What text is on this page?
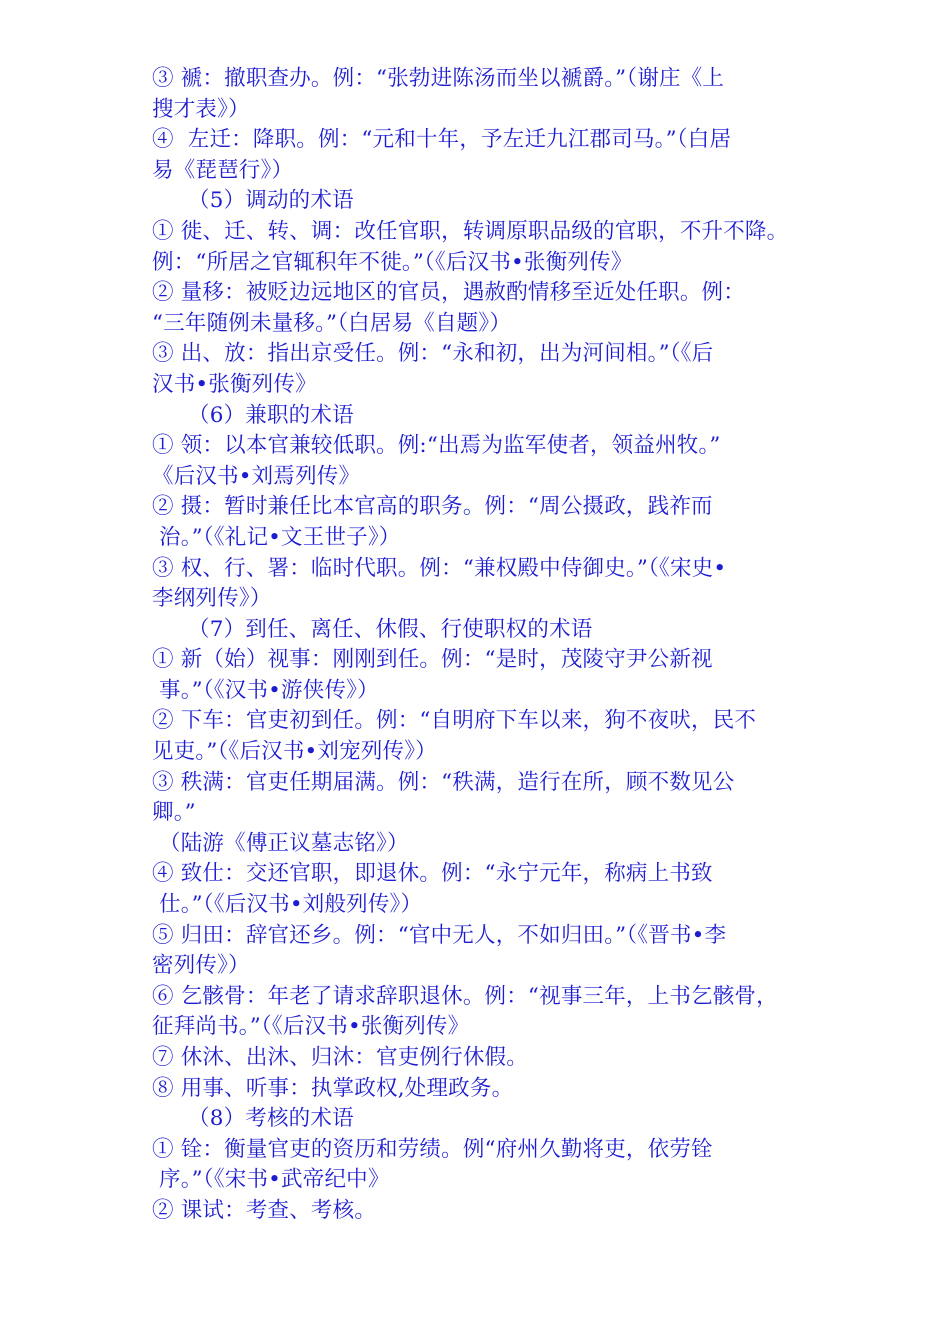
③ 褫：撤职查办。例：“张勃进陈汤而坐以褫爵。”（谢庄《上
搜才表》）
④  左迁：降职。例：“元和十年，予左迁九江郡司马。”（白居
易《琵琶行》）
（5）调动的术语
① 徙、迁、转、调：改任官职，转调原职品级的官职，不升不降。
例：“所居之官辄积年不徙。”（《后汉书•张衡列传》
② 量移：被贬边远地区的官员，遇赦酌情移至近处任职。例：
“三年随例未量移。”（白居易《自题》）
③ 出、放：指出京受任。例：“永和初，出为河间相。”（《后
汉书•张衡列传》
（6）兼职的术语
① 领：以本官兼较低职。例:“出焉为监军使者，领益州牧。”
《后汉书•刘焉列传》
② 摄：暂时兼任比本官高的职务。例：“周公摄政，践祚而
治。”（《礼记•文王世子》）
③ 权、行、署：临时代职。例：“兼权殿中侍御史。”（《宋史•
李纲列传》）
（7）到任、离任、休假、行使职权的术语
① 新（始）视事：刚刚到任。例：“是时，茂陵守尹公新视
事。”（《汉书•游侠传》）
② 下车：官吏初到任。例：“自明府下车以来，狗不夜吠，民不
见吏。”（《后汉书•刘宠列传》）
③ 秩满：官吏任期届满。例：“秩满，造行在所，顾不数见公
卿。”
（陆游《傅正议墓志铭》）
④ 致仕：交还官职，即退休。例：“永宁元年，称病上书致
仕。”（《后汉书•刘般列传》）
⑤ 归田：辞官还乡。例：“官中无人，不如归田。”（《晋书•李
密列传》）
⑥ 乞骸骨：年老了请求辞职退休。例：“视事三年，上书乞骸骨，
征拜尚书。”（《后汉书•张衡列传》
⑦ 休沐、出沐、归沐：官吏例行休假。
⑧ 用事、听事：执掌政权,处理政务。
（8）考核的术语
① 铨：衡量官吏的资历和劳绩。例“府州久勤将吏，依劳铨
序。”（《宋书•武帝纪中》
② 课试：考查、考核。
